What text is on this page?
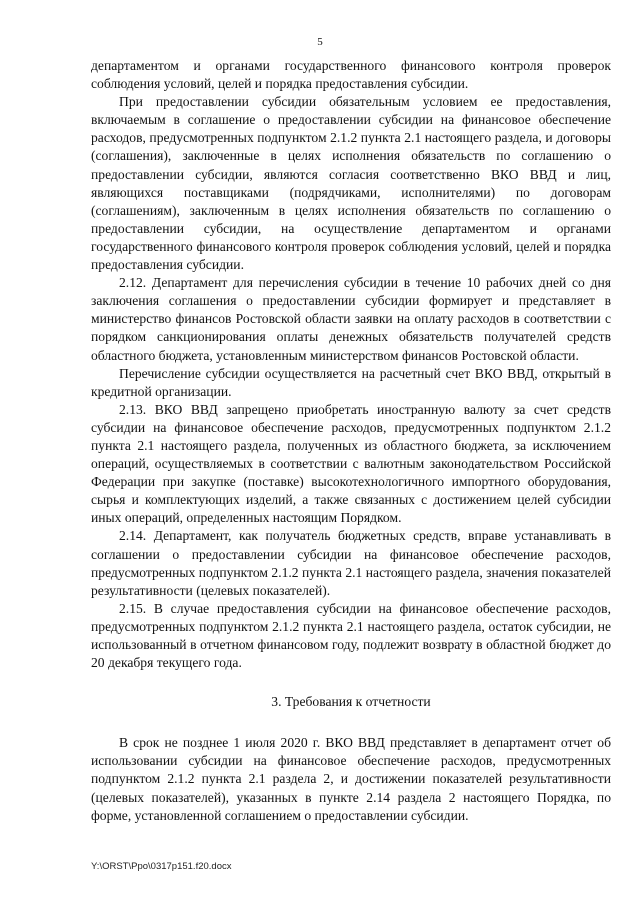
5

департаментом и органами государственного финансового контроля проверок соблюдения условий, целей и порядка предоставления субсидии.

При предоставлении субсидии обязательным условием ее предоставления, включаемым в соглашение о предоставлении субсидии на финансовое обеспечение расходов, предусмотренных подпунктом 2.1.2 пункта 2.1 настоящего раздела, и договоры (соглашения), заключенные в целях исполнения обязательств по соглашению о предоставлении субсидии, являются согласия соответственно ВКО ВВД и лиц, являющихся поставщиками (подрядчиками, исполнителями) по договорам (соглашениям), заключенным в целях исполнения обязательств по соглашению о предоставлении субсидии, на осуществление департаментом и органами государственного финансового контроля проверок соблюдения условий, целей и порядка предоставления субсидии.

2.12. Департамент для перечисления субсидии в течение 10 рабочих дней со дня заключения соглашения о предоставлении субсидии формирует и представляет в министерство финансов Ростовской области заявки на оплату расходов в соответствии с порядком санкционирования оплаты денежных обязательств получателей средств областного бюджета, установленным министерством финансов Ростовской области.

Перечисление субсидии осуществляется на расчетный счет ВКО ВВД, открытый в кредитной организации.

2.13. ВКО ВВД запрещено приобретать иностранную валюту за счет средств субсидии на финансовое обеспечение расходов, предусмотренных подпунктом 2.1.2 пункта 2.1 настоящего раздела, полученных из областного бюджета, за исключением операций, осуществляемых в соответствии с валютным законодательством Российской Федерации при закупке (поставке) высокотехнологичного импортного оборудования, сырья и комплектующих изделий, а также связанных с достижением целей субсидии иных операций, определенных настоящим Порядком.

2.14. Департамент, как получатель бюджетных средств, вправе устанавливать в соглашении о предоставлении субсидии на финансовое обеспечение расходов, предусмотренных подпунктом 2.1.2 пункта 2.1 настоящего раздела, значения показателей результативности (целевых показателей).

2.15. В случае предоставления субсидии на финансовое обеспечение расходов, предусмотренных подпунктом 2.1.2 пункта 2.1 настоящего раздела, остаток субсидии, не использованный в отчетном финансовом году, подлежит возврату в областной бюджет до 20 декабря текущего года.

3. Требования к отчетности

В срок не позднее 1 июля 2020 г. ВКО ВВД представляет в департамент отчет об использовании субсидии на финансовое обеспечение расходов, предусмотренных подпунктом 2.1.2 пункта 2.1 раздела 2, и достижении показателей результативности (целевых показателей), указанных в пункте 2.14 раздела 2 настоящего Порядка, по форме, установленной соглашением о предоставлении субсидии.

Y:\ORST\Ppo\0317p151.f20.docx
